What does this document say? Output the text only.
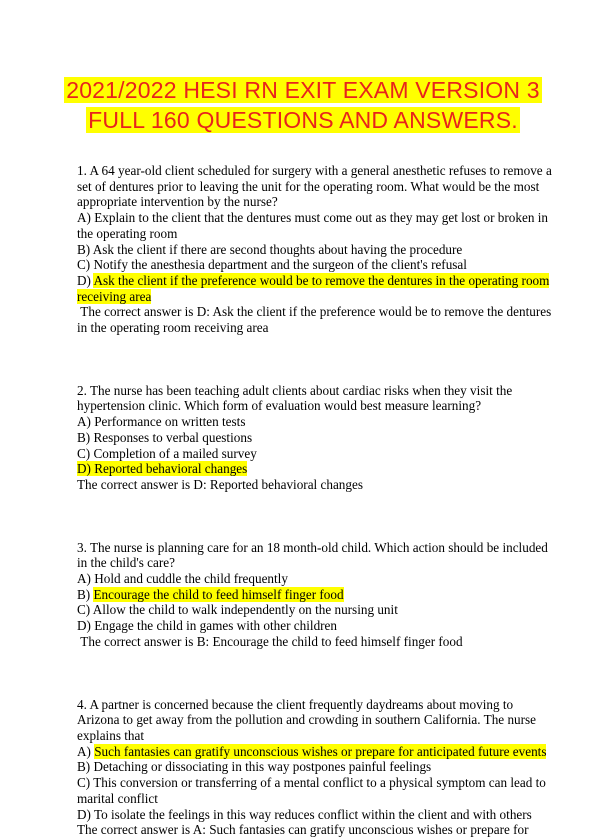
2021/2022 HESI RN EXIT EXAM VERSION 3
FULL 160 QUESTIONS AND ANSWERS.

1. A 64 year-old client scheduled for surgery with a general anesthetic refuses to remove a set of dentures prior to leaving the unit for the operating room. What would be the most appropriate intervention by the nurse?

A) Explain to the client that the dentures must come out as they may get lost or broken in the operating room

B) Ask the client if there are second thoughts about having the procedure

C) Notify the anesthesia department and the surgeon of the client's refusal

D) Ask the client if the preference would be to remove the dentures in the operating room receiving area

The correct answer is D: Ask the client if the preference would be to remove the dentures in the operating room receiving area

2. The nurse has been teaching adult clients about cardiac risks when they visit the hypertension clinic. Which form of evaluation would best measure learning?

A) Performance on written tests

B) Responses to verbal questions

C) Completion of a mailed survey

D) Reported behavioral changes

The correct answer is D: Reported behavioral changes

3. The nurse is planning care for an 18 month-old child. Which action should be included in the child's care?

A) Hold and cuddle the child frequently

B) Encourage the child to feed himself finger food

C) Allow the child to walk independently on the nursing unit

D) Engage the child in games with other children

The correct answer is B: Encourage the child to feed himself finger food

4. A partner is concerned because the client frequently daydreams about moving to Arizona to get away from the pollution and crowding in southern California. The nurse explains that

A) Such fantasies can gratify unconscious wishes or prepare for anticipated future events

B) Detaching or dissociating in this way postpones painful feelings

C) This conversion or transferring of a mental conflict to a physical symptom can lead to marital conflict

D) To isolate the feelings in this way reduces conflict within the client and with others

The correct answer is A: Such fantasies can gratify unconscious wishes or prepare for
